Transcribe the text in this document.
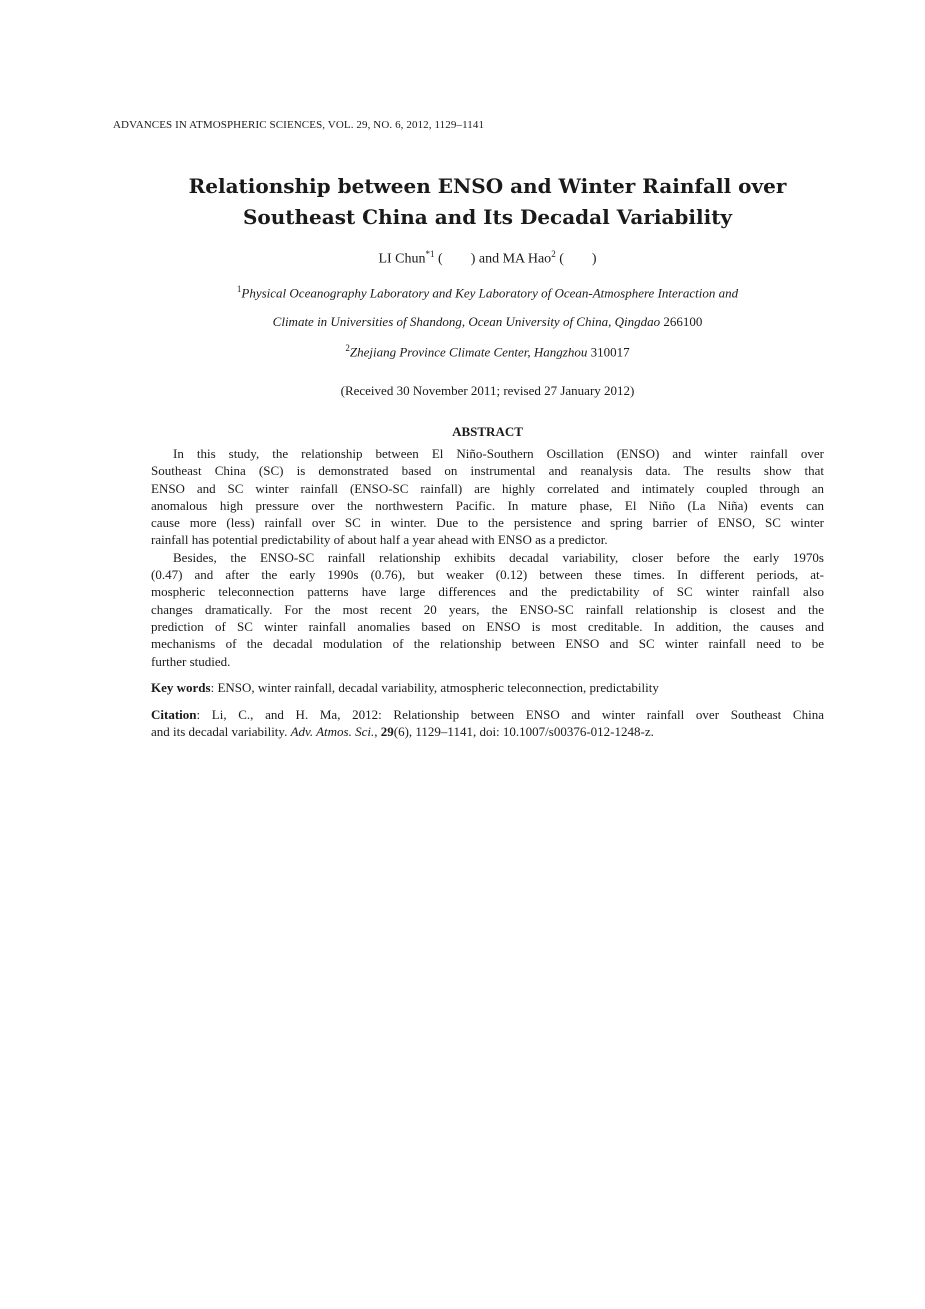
ADVANCES IN ATMOSPHERIC SCIENCES, VOL. 29, NO. 6, 2012, 1129–1141
Relationship between ENSO and Winter Rainfall over
Southeast China and Its Decadal Variability
LI Chun$^{*1}$ (        ) and MA Hao$^2$ (        )
$^1$Physical Oceanography Laboratory and Key Laboratory of Ocean-Atmosphere Interaction and
Climate in Universities of Shandong, Ocean University of China, Qingdao 266100
$^2$Zhejiang Province Climate Center, Hangzhou 310017
(Received 30 November 2011; revised 27 January 2012)
ABSTRACT
In this study, the relationship between El Niño-Southern Oscillation (ENSO) and winter rainfall over
Southeast China (SC) is demonstrated based on instrumental and reanalysis data. The results show that
ENSO and SC winter rainfall (ENSO-SC rainfall) are highly correlated and intimately coupled through an
anomalous high pressure over the northwestern Pacific. In mature phase, El Niño (La Niña) events can
cause more (less) rainfall over SC in winter. Due to the persistence and spring barrier of ENSO, SC winter
rainfall has potential predictability of about half a year ahead with ENSO as a predictor.
Besides, the ENSO-SC rainfall relationship exhibits decadal variability, closer before the early 1970s
(0.47) and after the early 1990s (0.76), but weaker (0.12) between these times. In different periods, at-
mospheric teleconnection patterns have large differences and the predictability of SC winter rainfall also
changes dramatically. For the most recent 20 years, the ENSO-SC rainfall relationship is closest and the
prediction of SC winter rainfall anomalies based on ENSO is most creditable. In addition, the causes and
mechanisms of the decadal modulation of the relationship between ENSO and SC winter rainfall need to be
further studied.
Key words: ENSO, winter rainfall, decadal variability, atmospheric teleconnection, predictability
Citation: Li, C., and H. Ma, 2012: Relationship between ENSO and winter rainfall over Southeast China
and its decadal variability. Adv. Atmos. Sci., 29(6), 1129–1141, doi: 10.1007/s00376-012-1248-z.
